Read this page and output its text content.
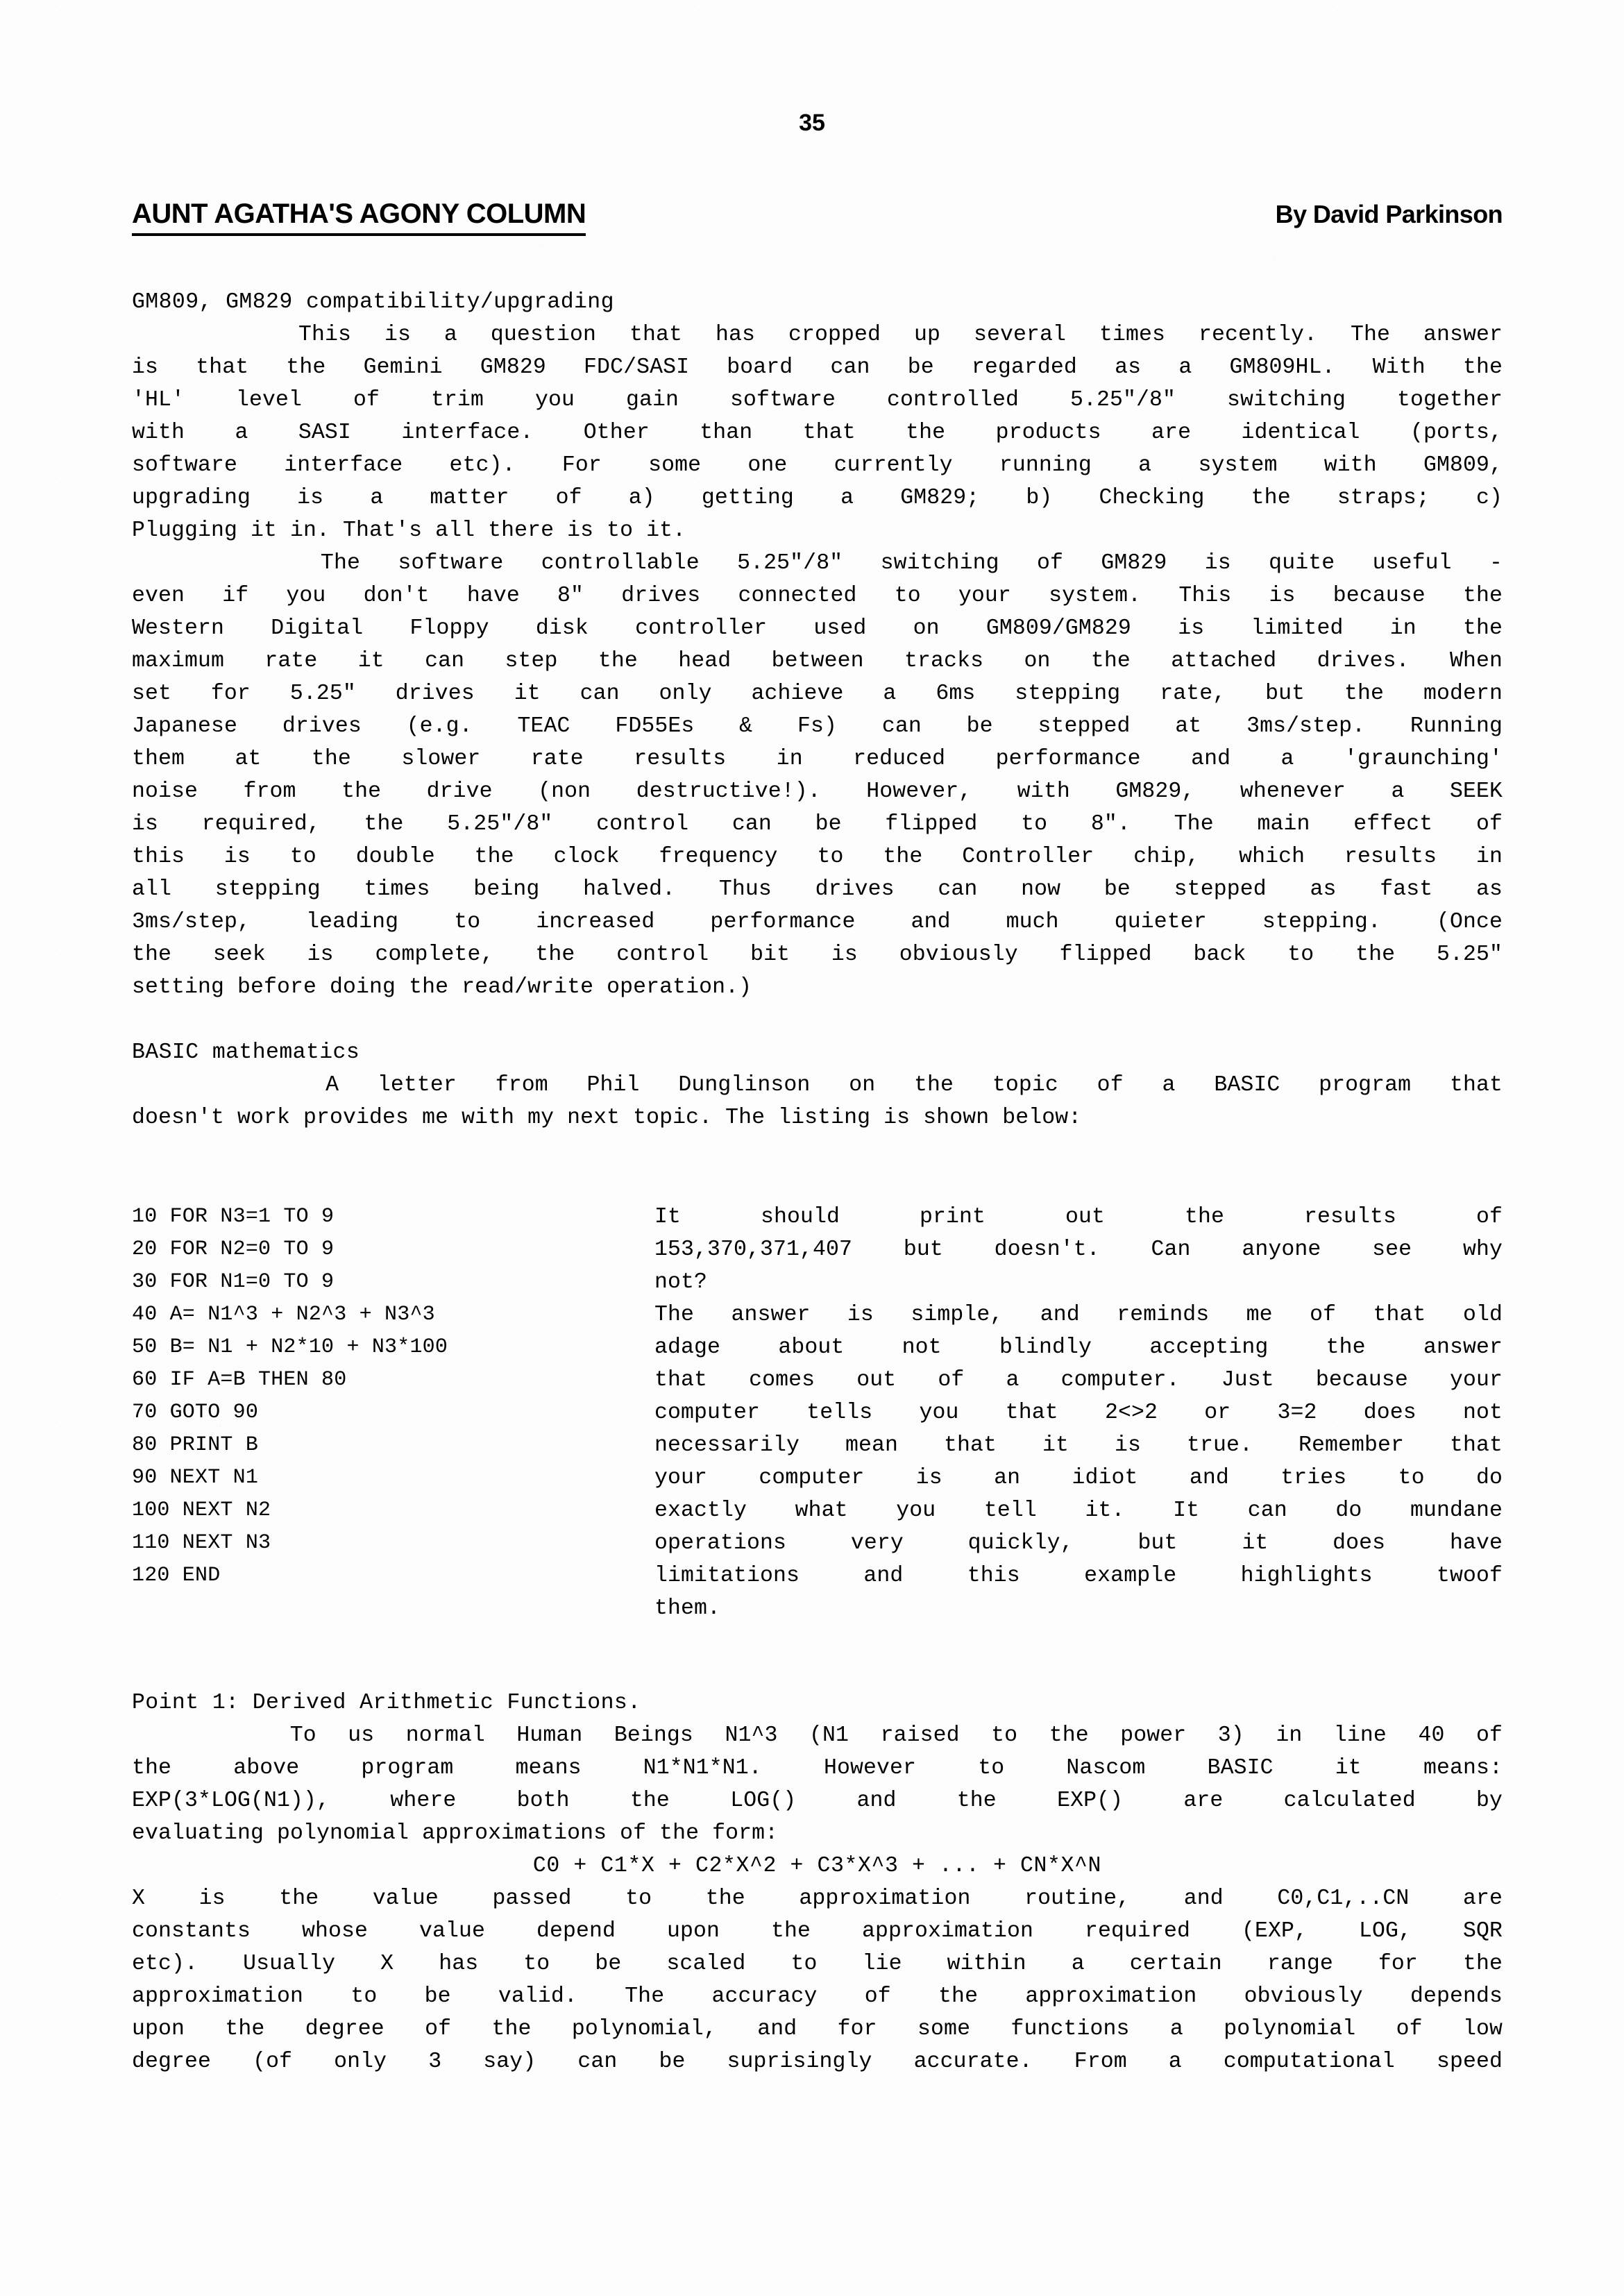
35
AUNT AGATHA'S AGONY COLUMN	By David Parkinson
GM809, GM829 compatibility/upgrading

This is a question that has cropped up several times recently. The answer
is that the Gemini GM829 FDC/SASI board can be regarded as a GM809HL. With the
'HL' level of trim you gain software controlled 5.25"/8" switching together
with a SASI interface. Other than that the products are identical (ports,
software interface etc). For some one currently running a system with GM809,
upgrading is a matter of a) getting a GM829; b) Checking the straps; c)
Plugging it in. That's all there is to it.

The software controllable 5.25"/8" switching of GM829 is quite useful -
even if you don't have 8" drives connected to your system. This is because the
Western Digital Floppy disk controller used on GM809/GM829 is limited in the
maximum rate it can step the head between tracks on the attached drives. When
set for 5.25" drives it can only achieve a 6ms stepping rate, but the modern
Japanese drives (e.g. TEAC FD55Es & Fs) can be stepped at 3ms/step. Running
them at the slower rate results in reduced performance and a 'graunching'
noise from the drive (non destructive!). However, with GM829, whenever a SEEK
is required, the 5.25"/8" control can be flipped to 8". The main effect of
this is to double the clock frequency to the Controller chip, which results in
all stepping times being halved. Thus drives can now be stepped as fast as
3ms/step, leading to increased performance and much quieter stepping. (Once
the seek is complete, the control bit is obviously flipped back to the 5.25"
setting before doing the read/write operation.)

BASIC mathematics

A letter from Phil Dunglinson on the topic of a BASIC program that
doesn't work provides me with my next topic. The listing is shown below:

10 FOR N3=1 TO 9
20 FOR N2=0 TO 9
30 FOR N1=0 TO 9
40 A= N1^3 + N2^3 + N3^3
50 B= N1 + N2*10 + N3*100
60 IF A=B THEN 80
70 GOTO 90
80 PRINT B
90 NEXT N1
100 NEXT N2
110 NEXT N3
120 END
It should print out the results of
153,370,371,407 but doesn't. Can anyone see why
not?
The answer is simple, and reminds me of that old
adage about not blindly accepting the answer
that comes out of a computer. Just because your
computer tells you that 2<>2 or 3=2 does not
necessarily mean that it is true. Remember that
your computer is an idiot and tries to do
exactly what you tell it. It can do mundane
operations very quickly, but it does have
limitations and this example highlights twoof
them.
Point 1: Derived Arithmetic Functions.

To us normal Human Beings N1^3 (N1 raised to the power 3) in line 40 of
the above program means N1*N1*N1. However to Nascom BASIC it means:
EXP(3*LOG(N1)), where both the LOG() and the EXP() are calculated by
evaluating polynomial approximations of the form:

C0 + C1*X + C2*X^2 + C3*X^3 + ... + CN*X^N

X is the value passed to the approximation routine, and C0,C1,..CN are
constants whose value depend upon the approximation required (EXP, LOG, SQR
etc). Usually X has to be scaled to lie within a certain range for the
approximation to be valid. The accuracy of the approximation obviously depends
upon the degree of the polynomial, and for some functions a polynomial of low
degree (of only 3 say) can be suprisingly accurate. From a computational speed
